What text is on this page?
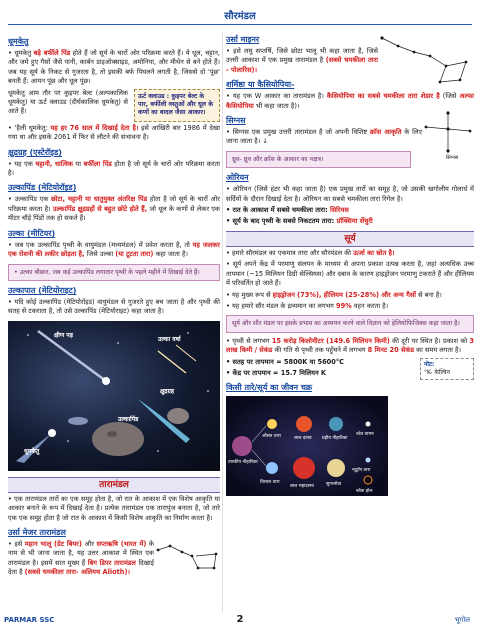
सौरमंडल
धूमकेतु
• धूमकेतु बड़े बर्फीले पिंड होते हैं जो सूर्य के चारों ओर परिक्रमा करते हैं। ये धूल, चट्टान, और जमे हुए गैसों जैसे पानी, कार्बन डाइऑक्साइड, अमोनिया, और मीथेन से बने होते हैं। जब यह सूर्य के निकट से गुजरता है, तो इसकी बर्फ पिघलने लगती है, जिससे दो 'पूंछ' बनती हैं: आयन पूंछ और धूल पूंछ।
ऊर्ट क्लाउड : कुइपर बेल्ट के पार, बर्फीली वस्तुओं और धूल के कणों का बादल जैसा आकार।
धूमकेतु आम तौर पर कुइपर बेल्ट (अल्पकालिक धूमकेतु) या ऊर्ट क्लाउड (दीर्घकालिक धूमकेतु) से आते हैं।
• 'हैली धूमकेतु: यह हर 76 साल में दिखाई देता है। इसे आखिरी बार 1986 में देखा गया था और इसके 2061 में फिर से लौटने की संभावना है।
क्षुद्रग्रह (एस्टेरॉइड)
• यह एक चट्टानी, धात्विक या बर्फीला पिंड होता है जो सूर्य के चारों ओर परिक्रमा करता है।
उल्कापिंड (मेटियोरॉइड)
• उल्कापिंड एक छोटा, चट्टानी या धातुयुक्त अंतरिक्ष पिंड होता है जो सूर्य के चारों ओर परिक्रमा करता है। उल्कापिंड क्षुद्रग्रहों से बहुत छोटे होते हैं, जो धूल के कणों से लेकर एक मीटर चौड़े पिंडों तक हो सकते हैं।
उल्का (मीटियर)
• जब एक उल्कापिंड पृथ्वी के वायुमंडल (मध्यमंडल) में प्रवेश करता है, तो यह जलकर एक रोशनी की लकीर छोड़ता है, जिसे उल्का (या टूटता तारा) कहा जाता है।
• उल्का बौछार, जब कई उल्कापिंड लगातार पृथ्वी के पहले महीने में दिखाई देते हैं।
उल्कापात (मेटियोराइट)
• यदि कोई उल्कापिंड (मेटियोरॉइड) वायुमंडल से गुजरते हुए बच जाता है और पृथ्वी की सतह से टकराता है, तो उसे उल्कापिंड (मेटियोराइट) कहा जाता है।
क्षीण पड़
उल्का वर्षा
क्षुद्रग्रह
उल्कापिंड
धूमकेतु
तारामंडल
• एक तारामंडल तारों का एक समूह होता है, जो रात के आकाश में एक विशेष आकृति या आकार बनाने के रूप में दिखाई देता है। प्रत्येक तारामंडल एक तारापुंज बनाता है, जो तारे एक एक समूह होता है जो रात के आकाश में किसी विशेष आकृति का निर्माण करता है।
उर्सा मेजर तारामंडल
• इसे महान भालू (ग्रेट बियर) और सप्तऋषि (भारत में) के नाम से भी जाना जाता है, यह उत्तर आकाश में स्थित एक तारामंडल है। इसमें सात मुख्य हैं बिग डिपर तारामंडल दिखाई देता है (सबसे चमकीला तारा- अलियथ Alioth)।
उर्सा माइनर
• इसे लघु सप्तर्षि, जिसे छोटा भालू भी कहा जाता है, जिसे उत्तरी आकाश में एक प्रमुख तारामंडल है (सबसे चमकीला तारा - पोलारिस)।
शर्मिष्ठा या कैसियोपिया-
• यह एक W आकार का तारामंडल है। कैसियोपिया का सबसे चमकीला तारा शेडार है (जिसे अल्फा कैसियोपिया भी कहा जाता है)।
सिग्नस
सिग्नस
• सिग्नस एक प्रमुख उत्तरी तारामंडल है जो अपनी विशिष्ट क्रॉस आकृति के लिए जाना जाता है। ↓
ध्रुव- ध्रुव और क्रॉस के आकार का नक्षत्र।
ओरियन
• ओरियन (जिसे हंटर भी कहा जाता है) एक प्रमुख तारों का समूह है, जो उसकी खगोलीय गोलार्ध में सर्दियों के दौरान दिखाई देता है। ओरियन का सबसे चमकीला तारा रिगेल है।
• रात के आकाश में सबसे चमकीला तारा: सिरियस
• सूर्य के बाद पृथ्वी के सबसे निकटतम तारा: प्रॉक्सिमा सेंचुरी
सूर्य
• हमारे सौरमंडल का एकमात्र तारा और सौरमंडल की ऊर्जा का स्रोत है।
• सूर्य अपने केंद्र में परमाणु संलयन के माध्यम से अपना प्रकाश उत्पन्न करता है, जहां अत्यधिक उच्च तापमान (~15 मिलियन डिग्री सेल्सियस) और दबाव के कारण हाइड्रोजन परमाणु टकराते हैं और हीलियम में परिवर्तित हो जाते हैं।
• यह मुख्य रूप से हाइड्रोजन (73%), हीलियम (25-28%) और अन्य गैसों से बना है।
• यह हमारे सौर मंडल के द्रव्यमान का लगभग 99% वहन करता है।
सूर्य और सौर मंडल पर इसके प्रभाव का अध्ययन करने वाले विज्ञान को हेलियोफिजिक्स कहा जाता है।
• पृथ्वी से लगभग 15 करोड़ किलोमीटर (149.6 मिलियन किमी) की दूरी पर स्थित है। प्रकाश को 3 लाख किमी / सेकंड की गति से पृथ्वी तक पहुँचने में लगभग 8 मिनट 20 सेकंड का समय लगता है।
नोट:
°K- केल्विन
• सतह पर तापमान = 5800K या 5600°C
• केंद्र पर तापमान = 15.7 मिलियन K
किसी तारे/सूर्य का जीवन चक्र
तारकीय नीहारिका
औसत तारा	लाल दानव ग्रहीय नीहारिका
श्वेत वामन
विशाल तारा
लाल महादानव	सुपरनोवा
न्यूट्रॉन तारा
ब्लैक होल
PARMAR SSC	2	भूगोल
